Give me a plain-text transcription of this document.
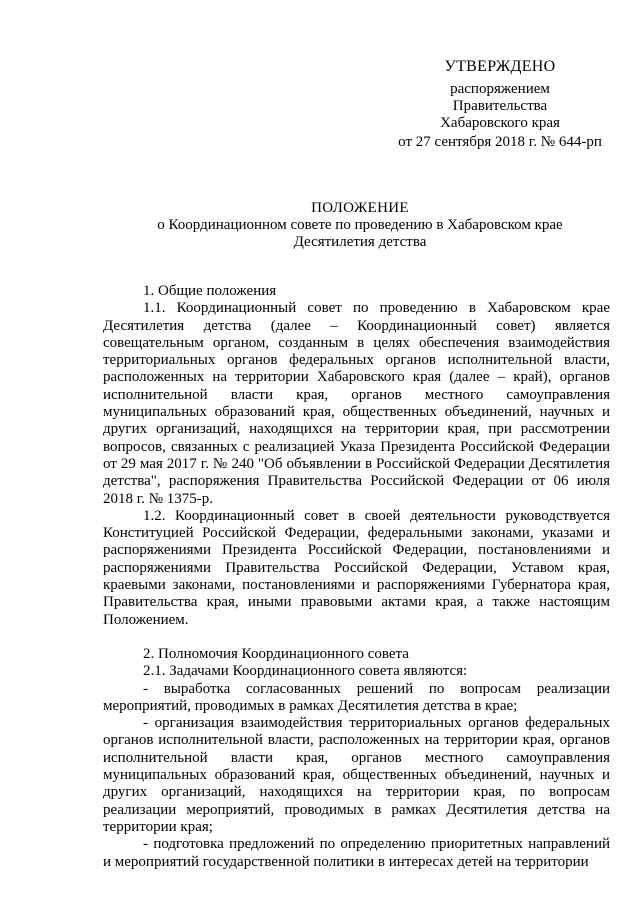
УТВЕРЖДЕНО
распоряжением
Правительства
Хабаровского края
от 27 сентября 2018 г. № 644-рп
ПОЛОЖЕНИЕ
о Координационном совете по проведению в Хабаровском крае
Десятилетия детства

1. Общие положения

1.1. Координационный совет по проведению в Хабаровском крае Десятилетия детства (далее – Координационный совет) является совещательным органом, созданным в целях обеспечения взаимодействия территориальных органов федеральных органов исполнительной власти, расположенных на территории Хабаровского края (далее – край), органов исполнительной власти края, органов местного самоуправления муниципальных образований края, общественных объединений, научных и других организаций, находящихся на территории края, при рассмотрении вопросов, связанных с реализацией Указа Президента Российской Федерации от 29 мая 2017 г. № 240 "Об объявлении в Российской Федерации Десятилетия детства", распоряжения Правительства Российской Федерации от 06 июля 2018 г. № 1375-р.

1.2. Координационный совет в своей деятельности руководствуется Конституцией Российской Федерации, федеральными законами, указами и распоряжениями Президента Российской Федерации, постановлениями и распоряжениями Правительства Российской Федерации, Уставом края, краевыми законами, постановлениями и распоряжениями Губернатора края, Правительства края, иными правовыми актами края, а также настоящим Положением.

2. Полномочия Координационного совета

2.1. Задачами Координационного совета являются:

- выработка согласованных решений по вопросам реализации мероприятий, проводимых в рамках Десятилетия детства в крае;

- организация взаимодействия территориальных органов федеральных органов исполнительной власти, расположенных на территории края, органов исполнительной власти края, органов местного самоуправления муниципальных образований края, общественных объединений, научных и других организаций, находящихся на территории края, по вопросам реализации мероприятий, проводимых в рамках Десятилетия детства на территории края;

- подготовка предложений по определению приоритетных направлений и мероприятий государственной политики в интересах детей на территории
